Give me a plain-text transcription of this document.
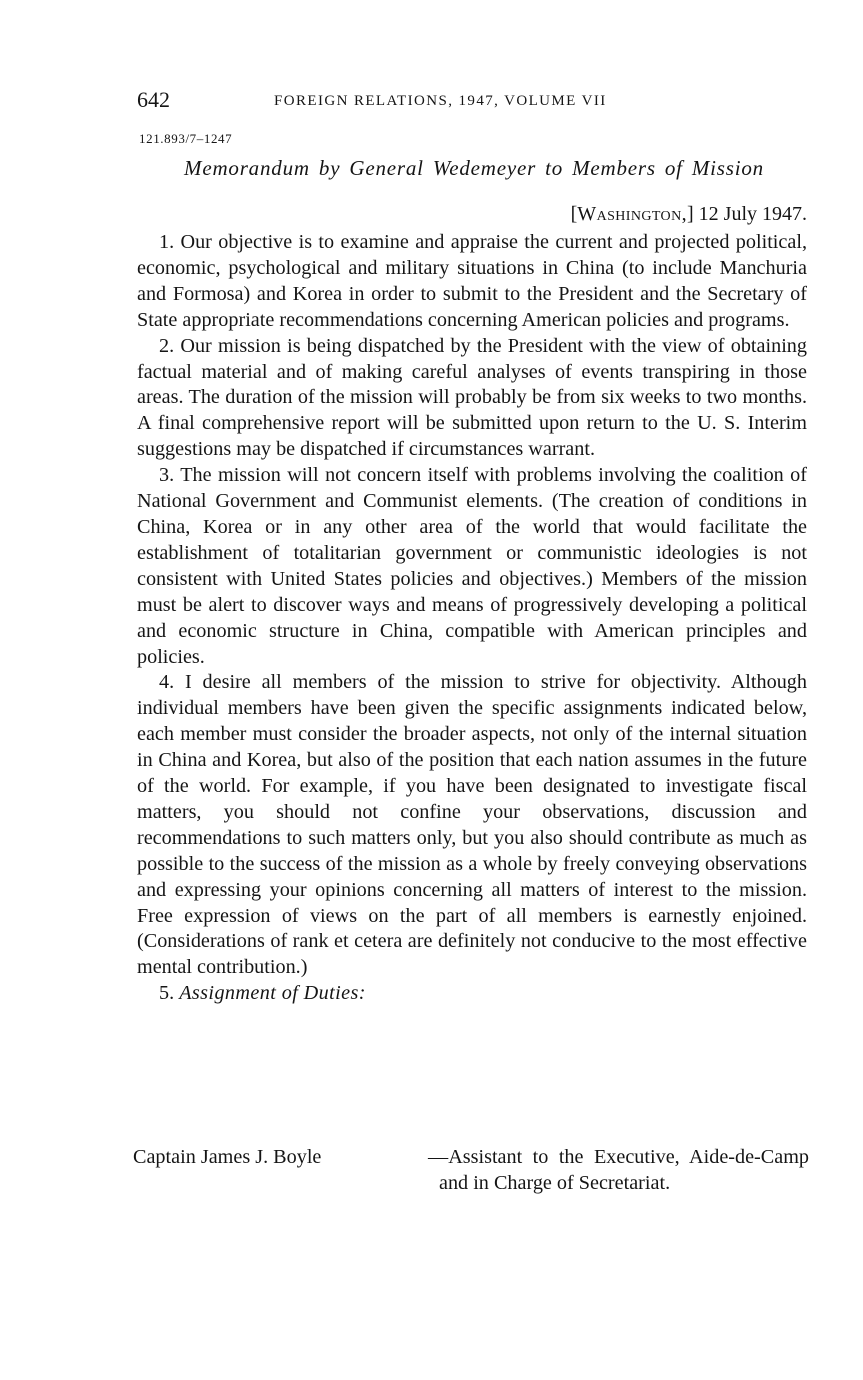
642	FOREIGN RELATIONS, 1947, VOLUME VII
121.893/7–1247
Memorandum by General Wedemeyer to Members of Mission
[Washington,] 12 July 1947.

1. Our objective is to examine and appraise the current and projected political, economic, psychological and military situations in China (to include Manchuria and Formosa) and Korea in order to submit to the President and the Secretary of State appropriate recommendations concerning American policies and programs.

2. Our mission is being dispatched by the President with the view of obtaining factual material and of making careful analyses of events transpiring in those areas. The duration of the mission will probably be from six weeks to two months. A final comprehensive report will be submitted upon return to the U. S. Interim suggestions may be dispatched if circumstances warrant.

3. The mission will not concern itself with problems involving the coalition of National Government and Communist elements. (The creation of conditions in China, Korea or in any other area of the world that would facilitate the establishment of totalitarian government or communistic ideologies is not consistent with United States policies and objectives.) Members of the mission must be alert to discover ways and means of progressively developing a political and economic structure in China, compatible with American principles and policies.

4. I desire all members of the mission to strive for objectivity. Although individual members have been given the specific assignments indicated below, each member must consider the broader aspects, not only of the internal situation in China and Korea, but also of the position that each nation assumes in the future of the world. For example, if you have been designated to investigate fiscal matters, you should not confine your observations, discussion and recommendations to such matters only, but you also should contribute as much as possible to the success of the mission as a whole by freely conveying observations and expressing your opinions concerning all matters of interest to the mission. Free expression of views on the part of all members is earnestly enjoined. (Considerations of rank et cetera are definitely not conducive to the most effective mental contribution.)

5. Assignment of Duties:

Captain James J. Boyle	—Assistant to the Executive, Aide-de-Camp and in Charge of Secretariat.
